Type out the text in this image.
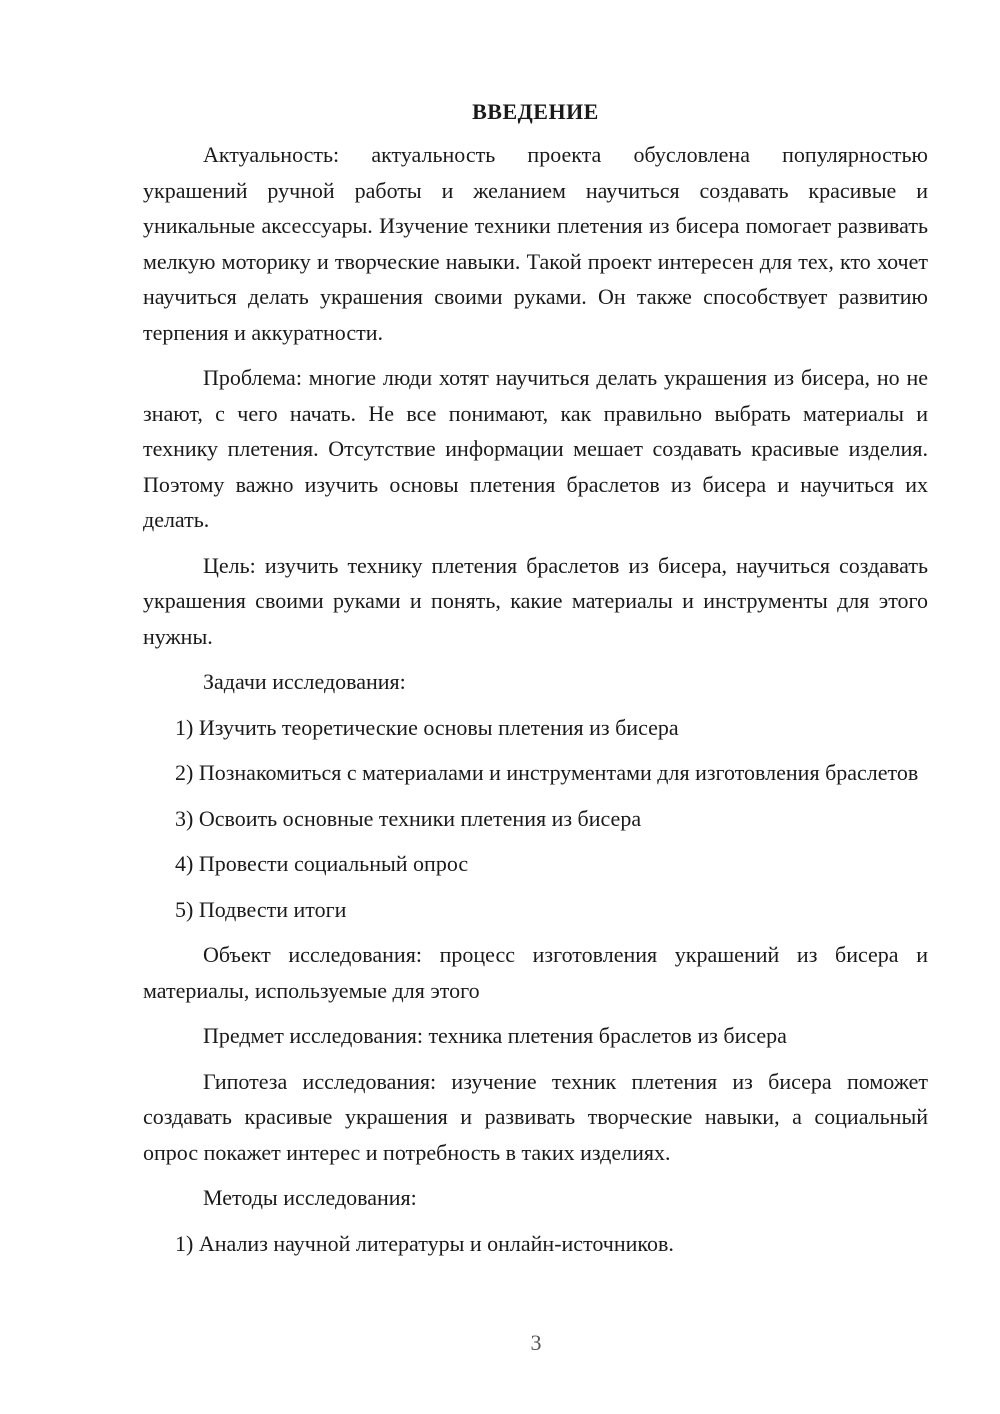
ВВЕДЕНИЕ

Актуальность: актуальность проекта обусловлена популярностью украшений ручной работы и желанием научиться создавать красивые и уникальные аксессуары. Изучение техники плетения из бисера помогает развивать мелкую моторику и творческие навыки. Такой проект интересен для тех, кто хочет научиться делать украшения своими руками. Он также способствует развитию терпения и аккуратности.

Проблема: многие люди хотят научиться делать украшения из бисера, но не знают, с чего начать. Не все понимают, как правильно выбрать материалы и технику плетения. Отсутствие информации мешает создавать красивые изделия. Поэтому важно изучить основы плетения браслетов из бисера и научиться их делать.

Цель: изучить технику плетения браслетов из бисера, научиться создавать украшения своими руками и понять, какие материалы и инструменты для этого нужны.

Задачи исследования:

1) Изучить теоретические основы плетения из бисера

2) Познакомиться с материалами и инструментами для изготовления браслетов

3) Освоить основные техники плетения из бисера

4) Провести социальный опрос

5) Подвести итоги

Объект исследования: процесс изготовления украшений из бисера и материалы, используемые для этого

Предмет исследования: техника плетения браслетов из бисера

Гипотеза исследования: изучение техник плетения из бисера поможет создавать красивые украшения и развивать творческие навыки, а социальный опрос покажет интерес и потребность в таких изделиях.

Методы исследования:

1) Анализ научной литературы и онлайн-источников.

3
